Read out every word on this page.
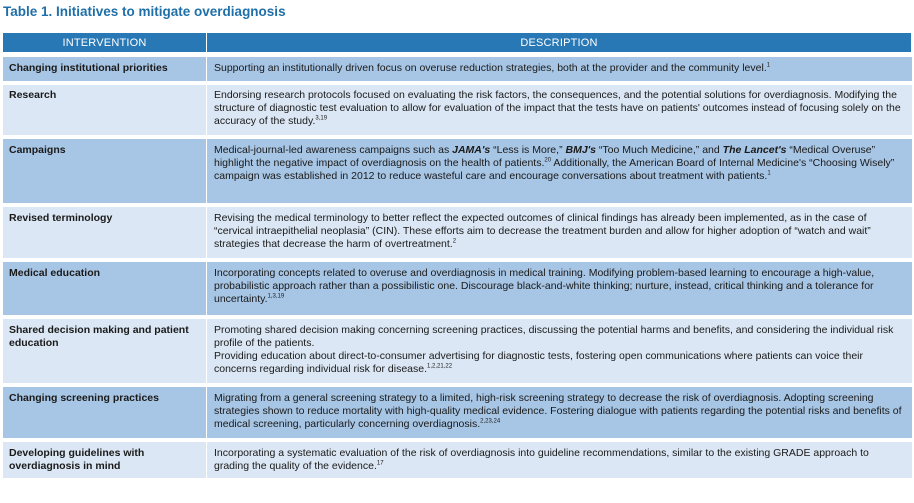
Table 1. Initiatives to mitigate overdiagnosis
INTERVENTION	DESCRIPTION

Changing institutional priorities	Supporting an institutionally driven focus on overuse reduction strategies, both at the provider and the community level.$^1$

Research	Endorsing research protocols focused on evaluating the risk factors, the consequences, and the potential solutions for overdiagnosis. Modifying the structure of diagnostic test evaluation to allow for evaluation of the impact that the tests have on patients' outcomes instead of focusing solely on the accuracy of the study.$^{3,19}$

Campaigns	Medical-journal-led awareness campaigns such as JAMA's “Less is More,” BMJ's “Too Much Medicine,” and The Lancet's “Medical Overuse” highlight the negative impact of overdiagnosis on the health of patients.$^{20}$ Additionally, the American Board of Internal Medicine's “Choosing Wisely” campaign was established in 2012 to reduce wasteful care and encourage conversations about treatment with patients.$^1$

Revised terminology	Revising the medical terminology to better reflect the expected outcomes of clinical findings has already been implemented, as in the case of “cervical intraepithelial neoplasia” (CIN). These efforts aim to decrease the treatment burden and allow for higher adoption of “watch and wait” strategies that decrease the harm of overtreatment.$^2$

Medical education	Incorporating concepts related to overuse and overdiagnosis in medical training. Modifying problem-based learning to encourage a high-value, probabilistic approach rather than a possibilistic one. Discourage black-and-white thinking; nurture, instead, critical thinking and a tolerance for uncertainty.$^{1,3,19}$

Shared decision making and patient education	Promoting shared decision making concerning screening practices, discussing the potential harms and benefits, and considering the individual risk profile of the patients.
Providing education about direct-to-consumer advertising for diagnostic tests, fostering open communications where patients can voice their concerns regarding individual risk for disease.$^{1,2,21,22}$

Changing screening practices	Migrating from a general screening strategy to a limited, high-risk screening strategy to decrease the risk of overdiagnosis. Adopting screening strategies shown to reduce mortality with high-quality medical evidence. Fostering dialogue with patients regarding the potential risks and benefits of medical screening, particularly concerning overdiagnosis.$^{2,23,24}$

Developing guidelines with overdiagnosis in mind	Incorporating a systematic evaluation of the risk of overdiagnosis into guideline recommendations, similar to the existing GRADE approach to grading the quality of the evidence.$^{17}$
